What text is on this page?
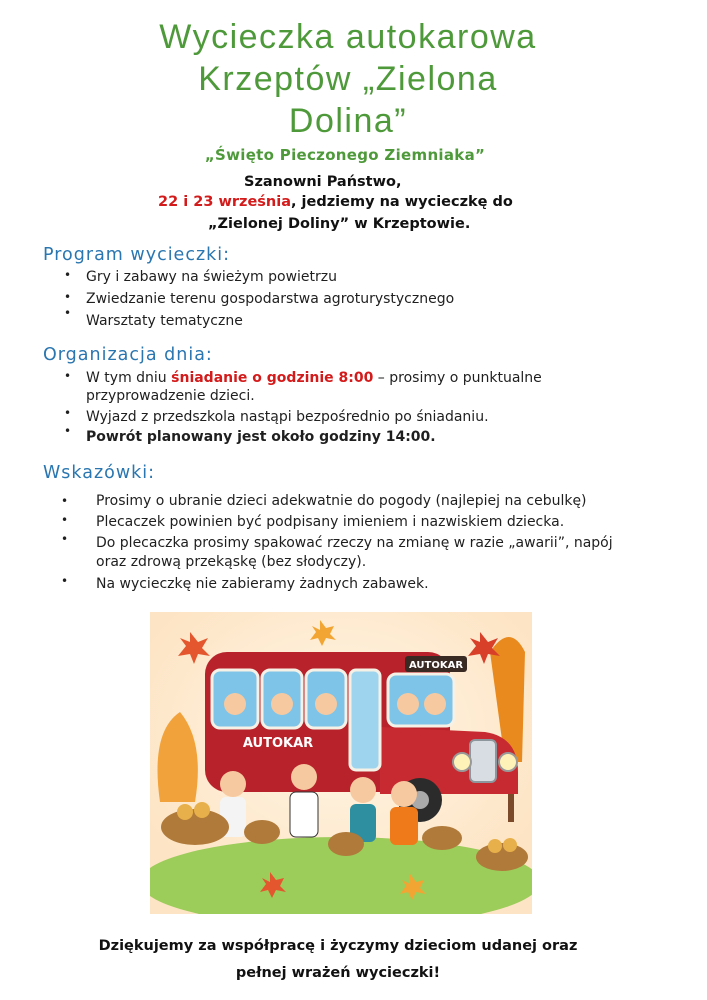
Wycieczka autokarowa
Krzeptów „Zielona
Dolina”
„Święto Pieczonego Ziemniaka”
Szanowni Państwo,
22 i 23 września, jedziemy na wycieczkę do
„Zielonej Doliny” w Krzeptowie.
Program wycieczki:
• Gry i zabawy na świeżym powietrzu
• Zwiedzanie terenu gospodarstwa agroturystycznego
• Warsztaty tematyczne
Organizacja dnia:
• W tym dniu śniadanie o godzinie 8:00 – prosimy o punktualne
przyprowadzenie dzieci.
• Wyjazd z przedszkola nastąpi bezpośrednio po śniadaniu.
• Powrót planowany jest około godziny 14:00.
Wskazówki:
• Prosimy o ubranie dzieci adekwatnie do pogody (najlepiej na cebulkę)
• Plecaczek powinien być podpisany imieniem i nazwiskiem dziecka.
• Do plecaczka prosimy spakować rzeczy na zmianę w razie „awarii”, napój
oraz zdrową przekąskę (bez słodyczy).
• Na wycieczkę nie zabieramy żadnych zabawek.
AUTOKAR
AUTOKAR
Dziękujemy za współpracę i życzymy dzieciom udanej oraz
pełnej wrażeń wycieczki!
